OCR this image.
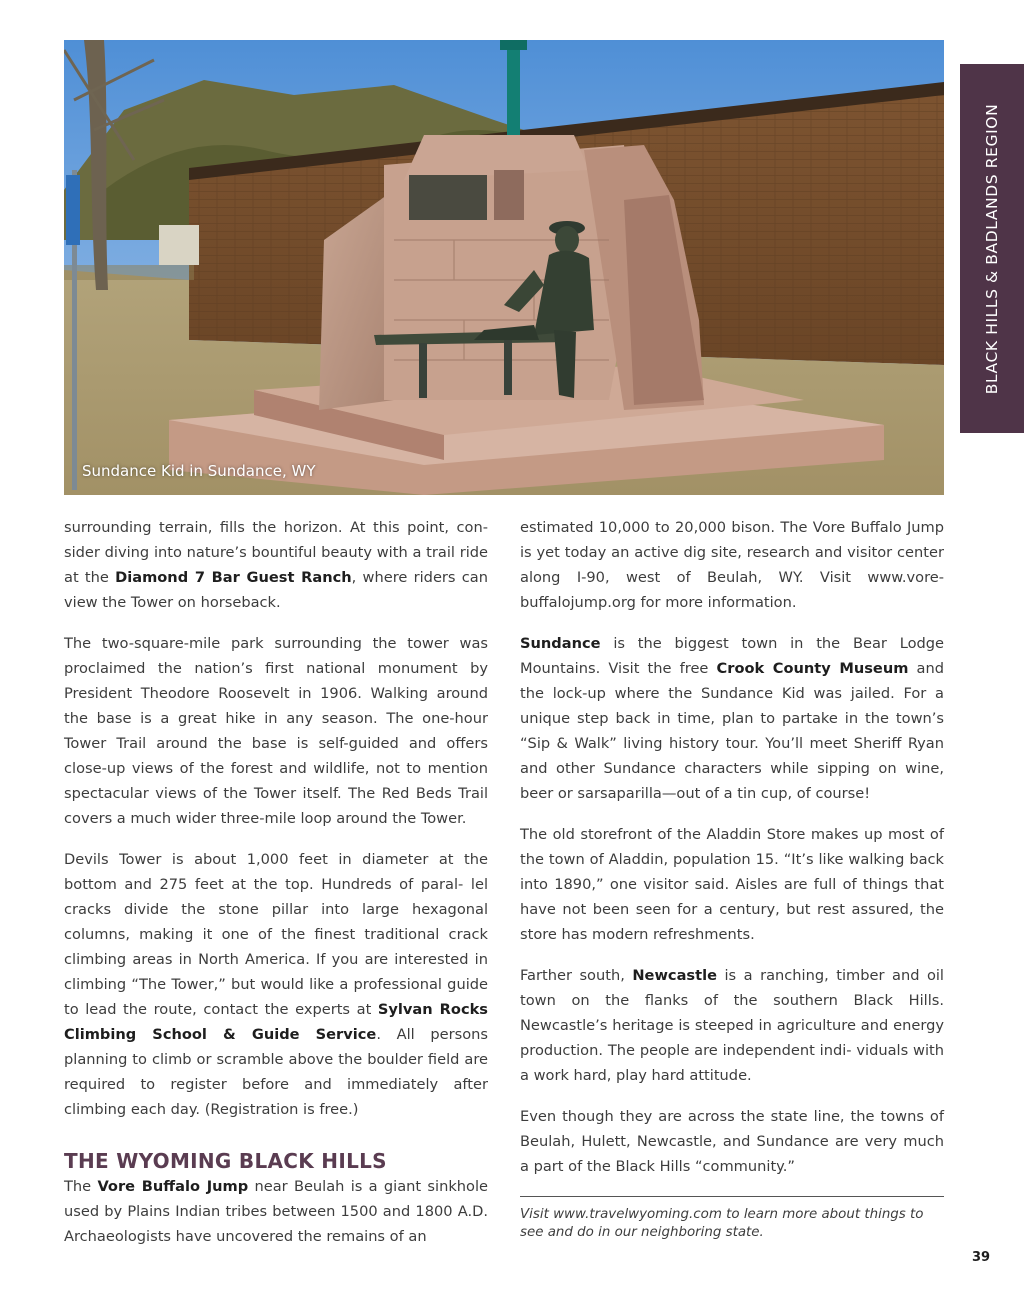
Sundance Kid in Sundance, WY
BLACK HILLS & BADLANDS REGION

surrounding terrain, fills the horizon. At this point, con- sider diving into nature’s bountiful beauty with a trail ride at the Diamond 7 Bar Guest Ranch, where riders can view the Tower on horseback.

The two-square-mile park surrounding the tower was proclaimed the nation’s first national monument by President Theodore Roosevelt in 1906. Walking around the base is a great hike in any season. The one-hour Tower Trail around the base is self-guided and offers close-up views of the forest and wildlife, not to mention spectacular views of the Tower itself. The Red Beds Trail covers a much wider three-mile loop around the Tower.

Devils Tower is about 1,000 feet in diameter at the bottom and 275 feet at the top. Hundreds of paral- lel cracks divide the stone pillar into large hexagonal columns, making it one of the finest traditional crack climbing areas in North America. If you are interested in climbing “The Tower,” but would like a professional guide to lead the route, contact the experts at Sylvan Rocks Climbing School & Guide Service. All persons planning to climb or scramble above the boulder field are required to register before and immediately after climbing each day. (Registration is free.)

THE WYOMING BLACK HILLS

The Vore Buffalo Jump near Beulah is a giant sinkhole used by Plains Indian tribes between 1500 and 1800 A.D. Archaeologists have uncovered the remains of an

estimated 10,000 to 20,000 bison. The Vore Buffalo Jump is yet today an active dig site, research and visitor center along I-90, west of Beulah, WY. Visit www.vore- buffalojump.org for more information.

Sundance is the biggest town in the Bear Lodge Mountains. Visit the free Crook County Museum and the lock-up where the Sundance Kid was jailed. For a unique step back in time, plan to partake in the town’s “Sip & Walk” living history tour. You’ll meet Sheriff Ryan and other Sundance characters while sipping on wine, beer or sarsaparilla—out of a tin cup, of course!

The old storefront of the Aladdin Store makes up most of the town of Aladdin, population 15. “It’s like walking back into 1890,” one visitor said. Aisles are full of things that have not been seen for a century, but rest assured, the store has modern refreshments.

Farther south, Newcastle is a ranching, timber and oil town on the flanks of the southern Black Hills. Newcastle’s heritage is steeped in agriculture and energy production. The people are independent indi- viduals with a work hard, play hard attitude.

Even though they are across the state line, the towns of Beulah, Hulett, Newcastle, and Sundance are very much a part of the Black Hills “community.”

Visit www.travelwyoming.com to learn more about things to see and do in our neighboring state.

39
